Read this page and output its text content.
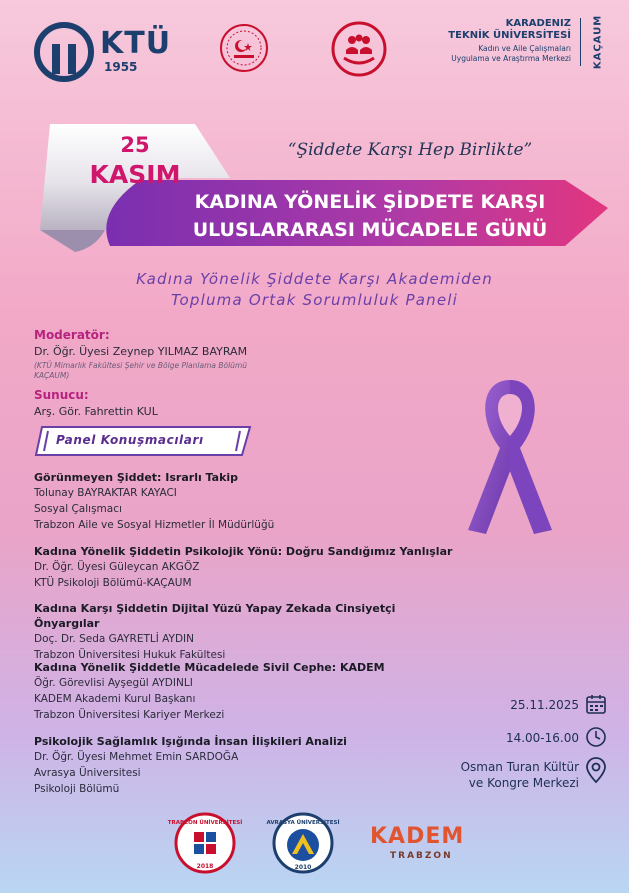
KTÜ
1955
KARADENIZ
TEKNİK ÜNİVERSİTESİ
Kadın ve Aile Çalışmaları
Uygulama ve Araştırma Merkezi KAÇAUM
25
KASIM
“Şiddete Karşı Hep Birlikte”
KADINA YÖNELİK ŞİDDETE KARŞI
ULUSLARARASI MÜCADELE GÜNÜ
Kadına Yönelik Şiddete Karşı Akademiden
Topluma Ortak Sorumluluk Paneli
Moderatör:
Dr. Öğr. Üyesi Zeynep YILMAZ BAYRAM
(KTÜ Mimarlık Fakültesi Şehir ve Bölge Planlama Bölümü
KAÇAUM)
Sunucu:
Arş. Gör. Fahrettin KUL
Panel Konuşmacıları
Görünmeyen Şiddet: Israrlı Takip
Tolunay BAYRAKTAR KAYACI
Sosyal Çalışmacı
Trabzon Aile ve Sosyal Hizmetler İl Müdürlüğü
Kadına Yönelik Şiddetin Psikolojik Yönü: Doğru Sandığımız Yanlışlar
Dr. Öğr. Üyesi Güleycan AKGÖZ
KTÜ Psikoloji Bölümü-KAÇAUM
Kadına Karşı Şiddetin Dijital Yüzü Yapay Zekada Cinsiyetçi Önyargılar
Doç. Dr. Seda GAYRETLİ AYDIN
Trabzon Üniversitesi Hukuk Fakültesi
Kadına Yönelik Şiddetle Mücadelede Sivil Cephe: KADEM
Öğr. Görevlisi Ayşegül AYDINLI
KADEM Akademi Kurul Başkanı
Trabzon Üniversitesi Kariyer Merkezi
Psikolojik Sağlamlık Işığında İnsan İlişkileri Analizi
Dr. Öğr. Üyesi Mehmet Emin SARDOĞA
Avrasya Üniversitesi
Psikoloji Bölümü
25.11.2025
14.00-16.00
Osman Turan Kültür
ve Kongre Merkezi
TRABZON ÜNİVERSİTESİ
2018
AVRASYA ÜNİVERSİTESİ
2010
KADEM
TRABZON
